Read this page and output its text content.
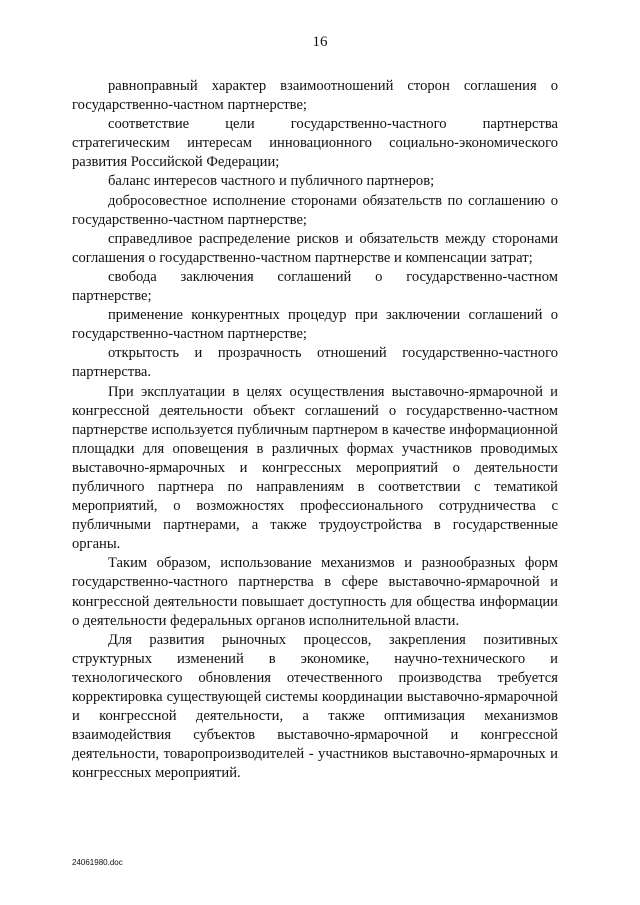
16

равноправный характер взаимоотношений сторон соглашения о государственно-частном партнерстве;

соответствие цели государственно-частного партнерства стратегическим интересам инновационного социально-экономического развития Российской Федерации;

баланс интересов частного и публичного партнеров;

добросовестное исполнение сторонами обязательств по соглашению о государственно-частном партнерстве;

справедливое распределение рисков и обязательств между сторонами соглашения о государственно-частном партнерстве и компенсации затрат;

свобода заключения соглашений о государственно-частном партнерстве;

применение конкурентных процедур при заключении соглашений о государственно-частном партнерстве;

открытость и прозрачность отношений государственно-частного партнерства.

При эксплуатации в целях осуществления выставочно-ярмарочной и конгрессной деятельности объект соглашений о государственно-частном партнерстве используется публичным партнером в качестве информационной площадки для оповещения в различных формах участников проводимых выставочно-ярмарочных и конгрессных мероприятий о деятельности публичного партнера по направлениям в соответствии с тематикой мероприятий, о возможностях профессионального сотрудничества с публичными партнерами, а также трудоустройства в государственные органы.

Таким образом, использование механизмов и разнообразных форм государственно-частного партнерства в сфере выставочно-ярмарочной и конгрессной деятельности повышает доступность для общества информации о деятельности федеральных органов исполнительной власти.

Для развития рыночных процессов, закрепления позитивных структурных изменений в экономике, научно-технического и технологического обновления отечественного производства требуется корректировка существующей системы координации выставочно-ярмарочной и конгрессной деятельности, а также оптимизация механизмов взаимодействия субъектов выставочно-ярмарочной и конгрессной деятельности, товаропроизводителей - участников выставочно-ярмарочных и конгрессных мероприятий.

24061980.doc
